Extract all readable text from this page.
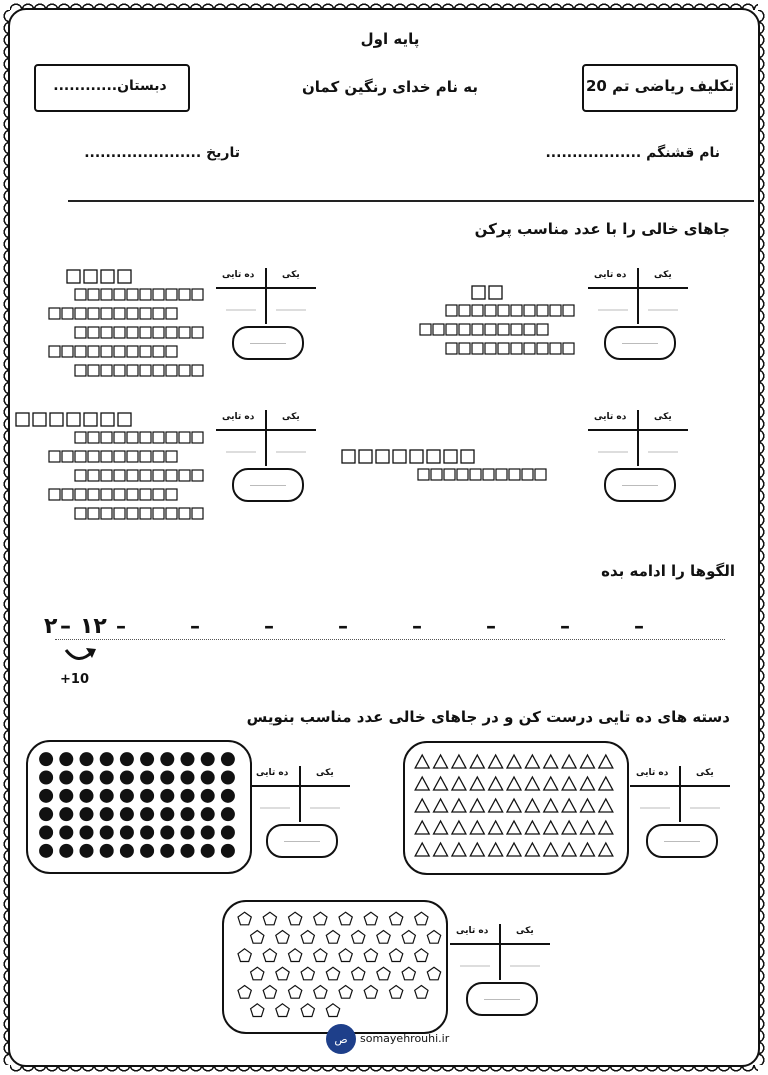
پایه اول
به نام خدای رنگین کمان	تکلیف ریاضی تم 20
دبستان............
نام قشنگم ..................
تاریخ ......................
جاهای خالی را با عدد مناسب پرکن
الگوها را ادامه بده
۲ – ۱۲
+10
–	–	–	–	–	–	–	–
دسته های ده تایی درست کن و در جاهای خالی عدد مناسب بنویس
ص somayehrouhi.ir
یکی
ده تایی
یکی
ده تایی
یکی
ده تایی
یکی
ده تایی
یکی
ده تایی	یکی
ده تایی
یکی
ده تایی
